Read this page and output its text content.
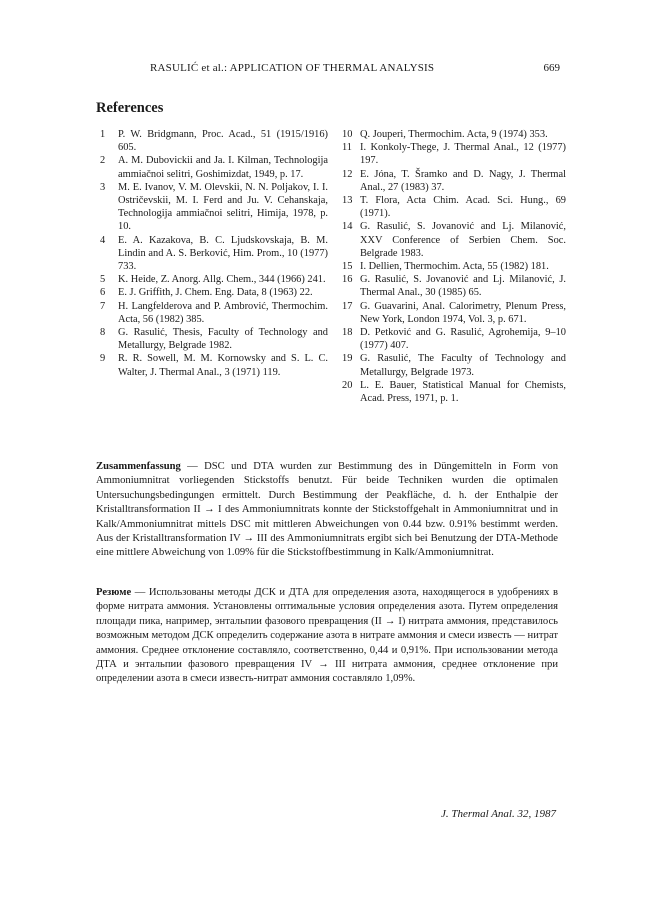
RASULIĆ et al.: APPLICATION OF THERMAL ANALYSIS	669
References
1	P. W. Bridgmann, Proc. Acad., 51 (1915/1916) 605.
2	A. M. Dubovickii and Ja. I. Kilman, Technologija ammiačnoi selitri, Goshimizdat, 1949, p. 17.
3	M. E. Ivanov, V. M. Olevskii, N. N. Poljakov, I. I. Ostričevskii, M. I. Ferd and Ju. V. Cehanskaja, Technologija ammiačnoi selitri, Himija, 1978, p. 10.
4	E. A. Kazakova, B. C. Ljudskovskaja, B. M. Lindin and A. S. Berković, Him. Prom., 10 (1977) 733.
5	K. Heide, Z. Anorg. Allg. Chem., 344 (1966) 241.
6	E. J. Griffith, J. Chem. Eng. Data, 8 (1963) 22.
7	H. Langfelderova and P. Ambrović, Thermochim. Acta, 56 (1982) 385.
8	G. Rasulić, Thesis, Faculty of Technology and Metallurgy, Belgrade 1982.
9	R. R. Sowell, M. M. Kornowsky and S. L. C. Walter, J. Thermal Anal., 3 (1971) 119.
10 Q. Jouperi, Thermochim. Acta, 9 (1974) 353.
11 I. Konkoly-Thege, J. Thermal Anal., 12 (1977) 197.
12 E. Jóna, T. Šramko and D. Nagy, J. Thermal Anal., 27 (1983) 37.
13 T. Flora, Acta Chim. Acad. Sci. Hung., 69 (1971).
14 G. Rasulić, S. Jovanović and Lj. Milanović, XXV Conference of Serbien Chem. Soc. Belgrade 1983.
15 I. Dellien, Thermochim. Acta, 55 (1982) 181.
16 G. Rasulić, S. Jovanović and Lj. Milanović, J. Thermal Anal., 30 (1985) 65.
17 G. Guavarini, Anal. Calorimetry, Plenum Press, New York, London 1974, Vol. 3, p. 671.
18 D. Petković and G. Rasulić, Agrohemija, 9–10 (1977) 407.
19 G. Rasulić, The Faculty of Technology and Metallurgy, Belgrade 1973.
20 L. E. Bauer, Statistical Manual for Chemists, Acad. Press, 1971, p. 1.
Zusammenfassung — DSC und DTA wurden zur Bestimmung des in Düngemitteln in Form von Ammoniumnitrat vorliegenden Stickstoffs benutzt. Für beide Techniken wurden die optimalen Untersuchungsbedingungen ermittelt. Durch Bestimmung der Peakfläche, d. h. der Enthalpie der Kristalltransformation II → I des Ammoniumnitrats konnte der Stickstoffgehalt in Ammoniumnitrat und in Kalk/Ammoniumnitrat mittels DSC mit mittleren Abweichungen von 0.44 bzw. 0.91% bestimmt werden. Aus der Kristalltransformation IV → III des Ammoniumnitrats ergibt sich bei Benutzung der DTA-Methode eine mittlere Abweichung von 1.09% für die Stickstoffbestimmung in Kalk/Ammoniumnitrat.
Резюме — Использованы методы ДСК и ДТА для определения азота, находящегося в удобрениях в форме нитрата аммония. Установлены оптимальные условия определения азота. Путем определения площади пика, например, энтальпии фазового превращения (II → I) нитрата аммония, представилось возможным методом ДСК определить содержание азота в нитрате аммония и смеси известь — нитрат аммония. Среднее отклонение составляло, соответственно, 0,44 и 0,91%. При использовании метода ДТА и энтальпии фазового превращения IV → III нитрата аммония, среднее отклонение при определении азота в смеси известь-нитрат аммония составляло 1,09%.
J. Thermal Anal. 32, 1987
